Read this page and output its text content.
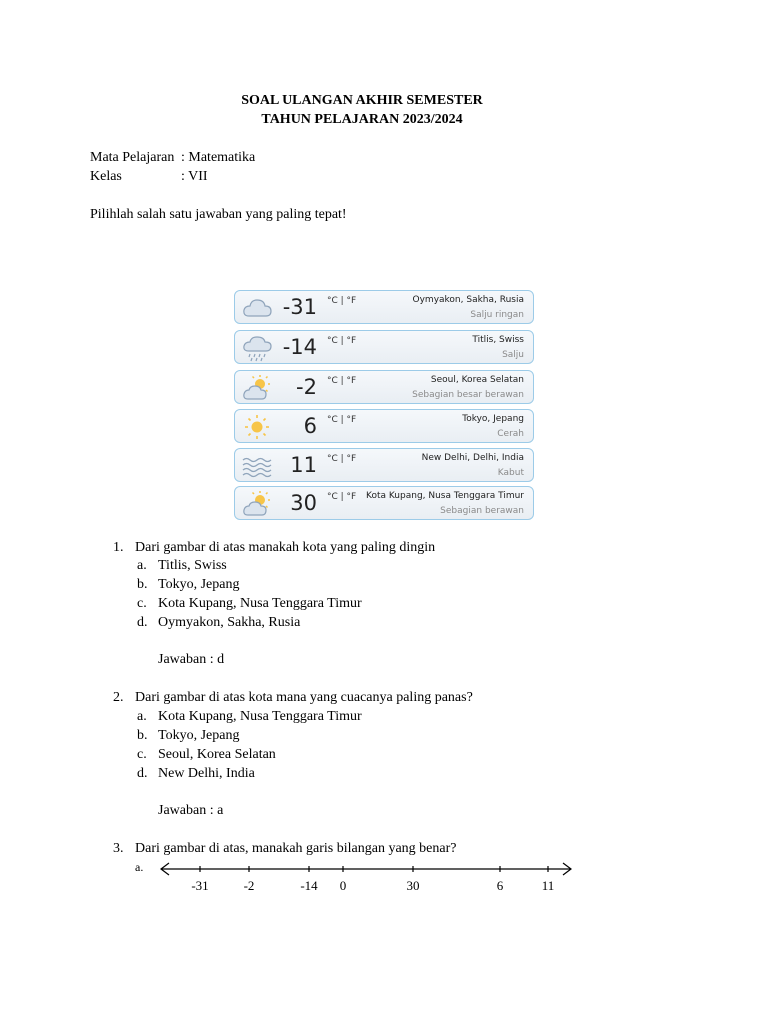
SOAL ULANGAN AKHIR SEMESTER
TAHUN PELAJARAN 2023/2024
Mata Pelajaran : Matematika
Kelas	: VII
Pilihlah salah satu jawaban yang paling tepat!
-31 °C | °F	Oymyakon, Sakha, Rusia
Salju ringan
-14 °C | °F	Titlis, Swiss
Salju
-2 °C | °F	Seoul, Korea Selatan
Sebagian besar berawan
6 °C | °F	Tokyo, Jepang
Cerah
11 °C | °F	New Delhi, Delhi, India
Kabut
30 °C | °F Kota Kupang, Nusa Tenggara Timur
Sebagian berawan
1. Dari gambar di atas manakah kota yang paling dingin
a. Titlis, Swiss
b. Tokyo, Jepang
c. Kota Kupang, Nusa Tenggara Timur
d. Oymyakon, Sakha, Rusia
Jawaban : d
2. Dari gambar di atas kota mana yang cuacanya paling panas?
a. Kota Kupang, Nusa Tenggara Timur
b. Tokyo, Jepang
c. Seoul, Korea Selatan
d. New Delhi, India
Jawaban : a
3. Dari gambar di atas, manakah garis bilangan yang benar?
a.
-31	-2	-14 0	30	6	11
